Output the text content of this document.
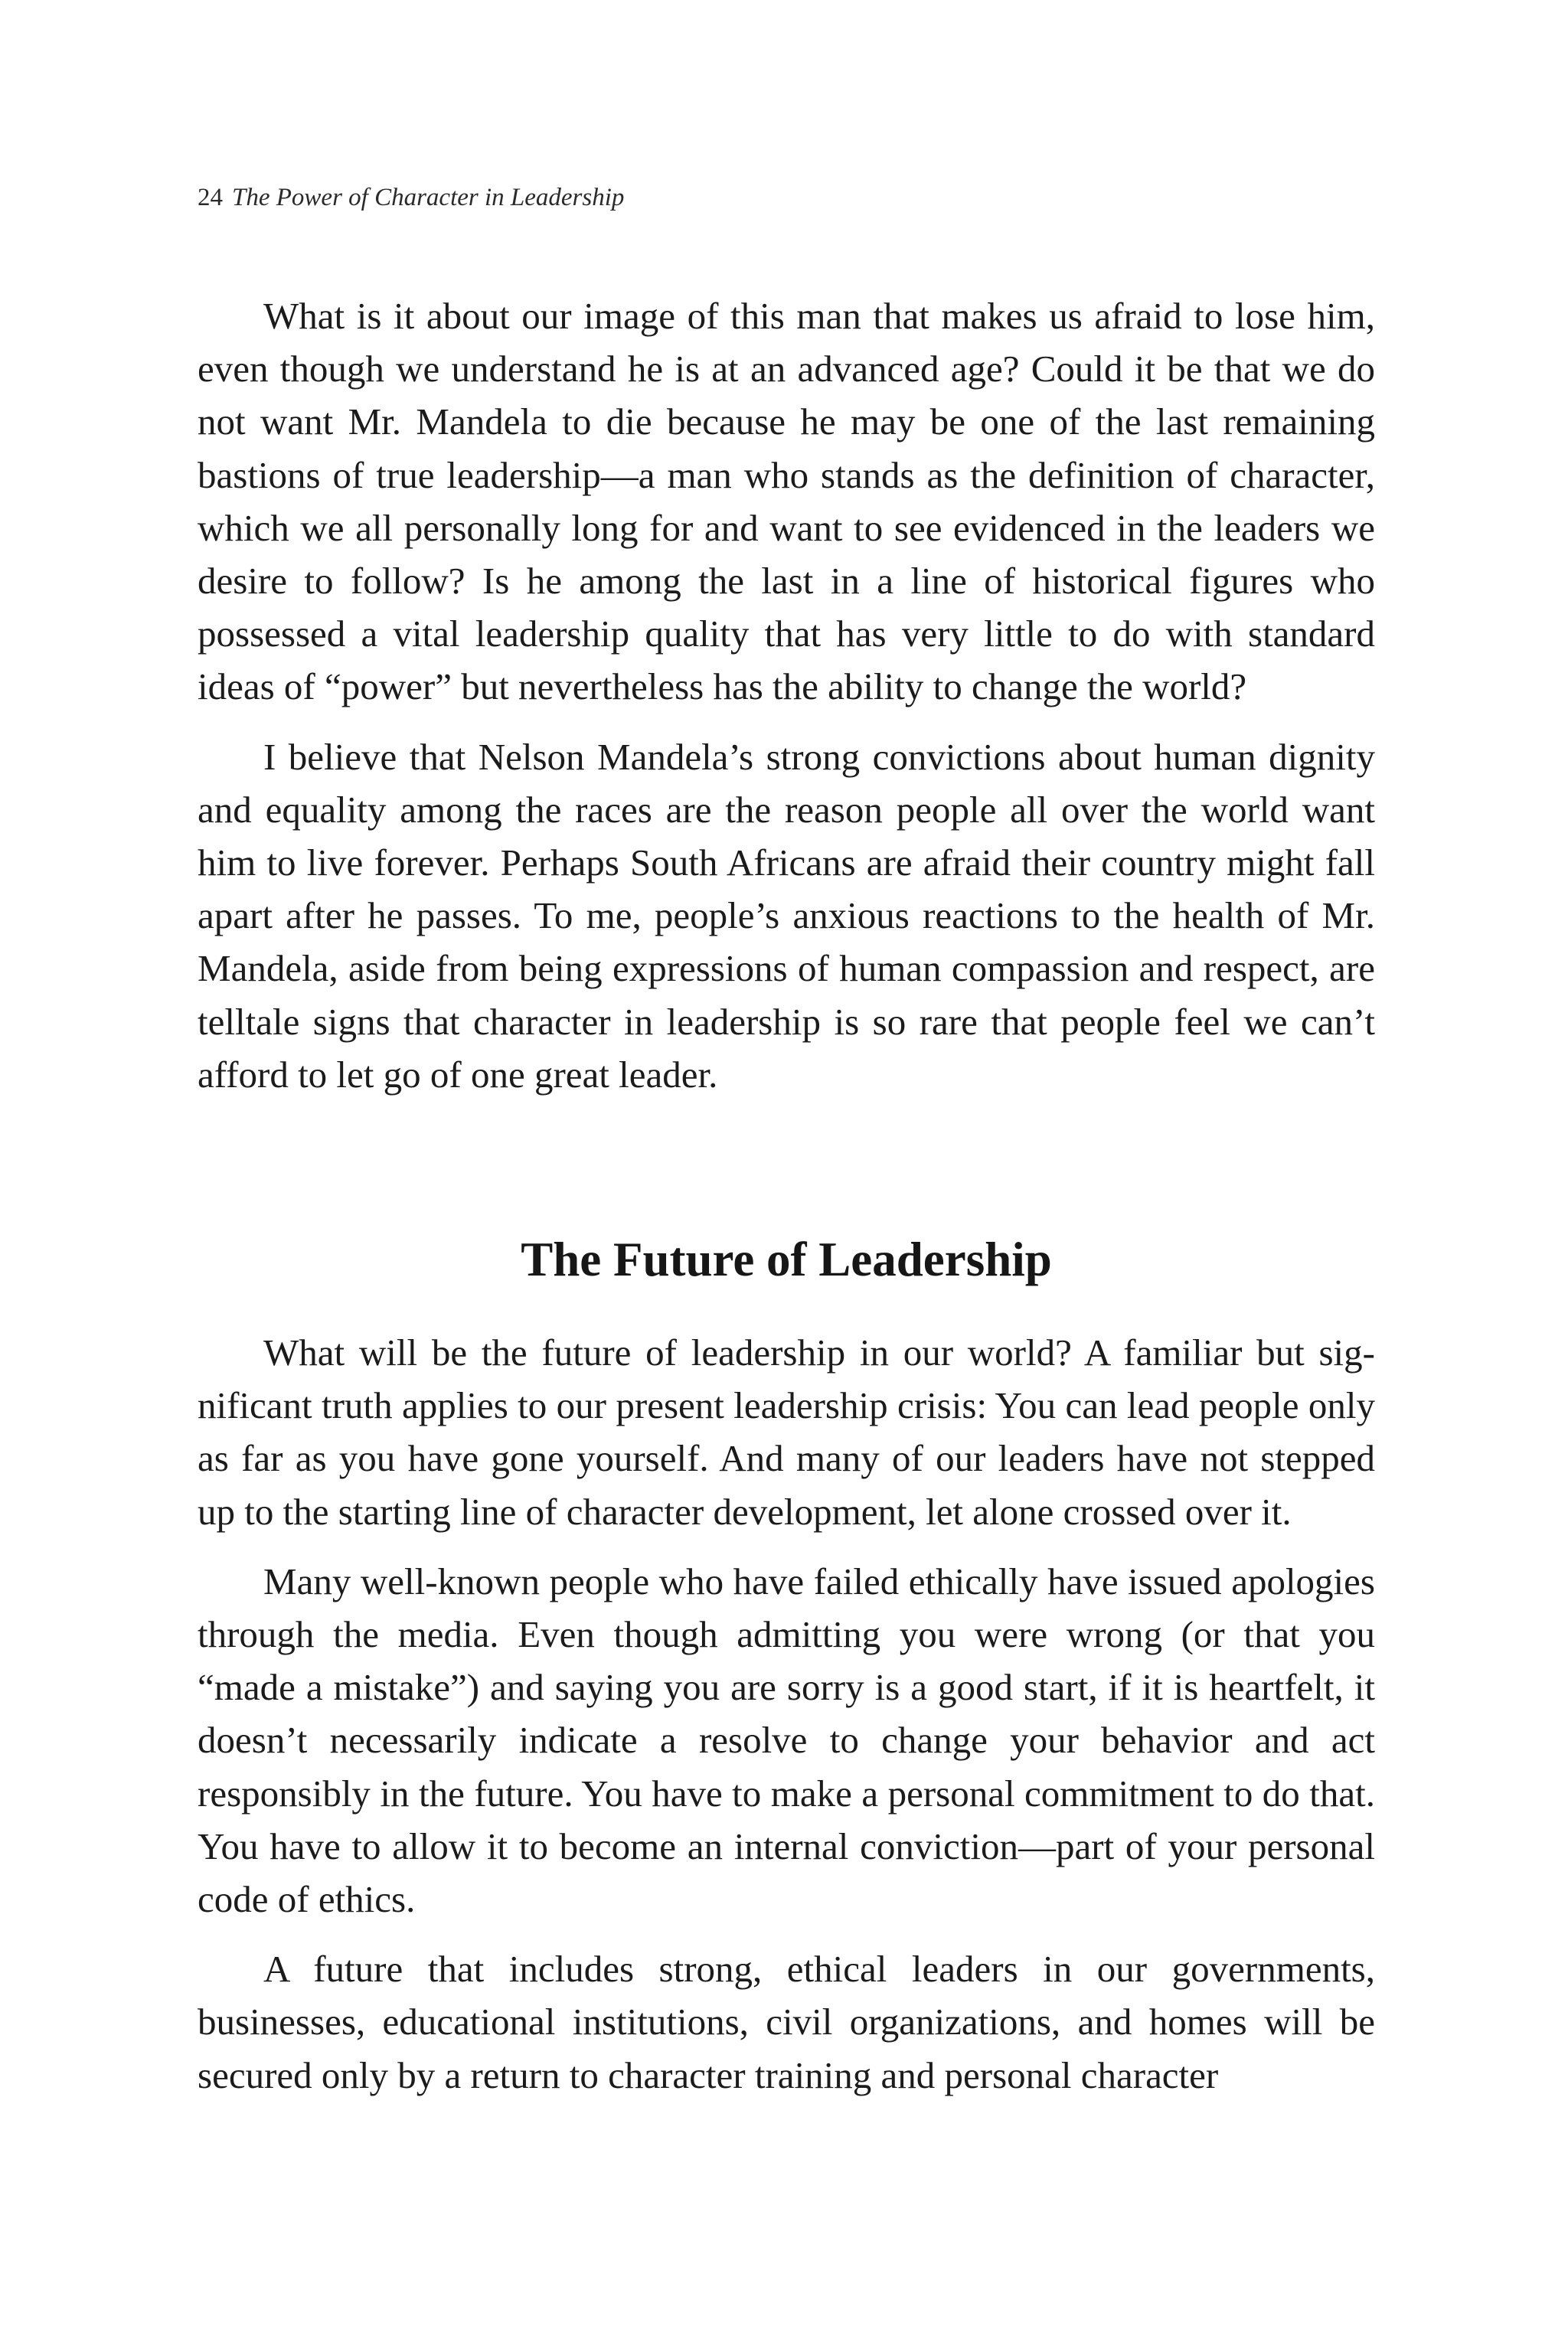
24 The Power of Character in Leadership

What is it about our image of this man that makes us afraid to lose him, even though we understand he is at an advanced age? Could it be that we do not want Mr. Mandela to die because he may be one of the last remaining bastions of true leadership—a man who stands as the definition of character, which we all personally long for and want to see evidenced in the leaders we desire to follow? Is he among the last in a line of historical figures who possessed a vital leadership quality that has very little to do with standard ideas of “power” but nevertheless has the ability to change the world?

I believe that Nelson Mandela’s strong convictions about human dignity and equality among the races are the reason people all over the world want him to live forever. Perhaps South Africans are afraid their country might fall apart after he passes. To me, people’s anxious reactions to the health of Mr. Mandela, aside from being expressions of human compassion and respect, are telltale signs that character in leadership is so rare that people feel we can’t afford to let go of one great leader.

The Future of Leadership

What will be the future of leadership in our world? A familiar but significant truth applies to our present leadership crisis: You can lead people only as far as you have gone yourself. And many of our leaders have not stepped up to the starting line of character development, let alone crossed over it.

Many well-known people who have failed ethically have issued apologies through the media. Even though admitting you were wrong (or that you “made a mistake”) and saying you are sorry is a good start, if it is heartfelt, it doesn’t necessarily indicate a resolve to change your behavior and act responsibly in the future. You have to make a personal commitment to do that. You have to allow it to become an internal conviction—part of your personal code of ethics.

A future that includes strong, ethical leaders in our governments, businesses, educational institutions, civil organizations, and homes will be secured only by a return to character training and personal character
